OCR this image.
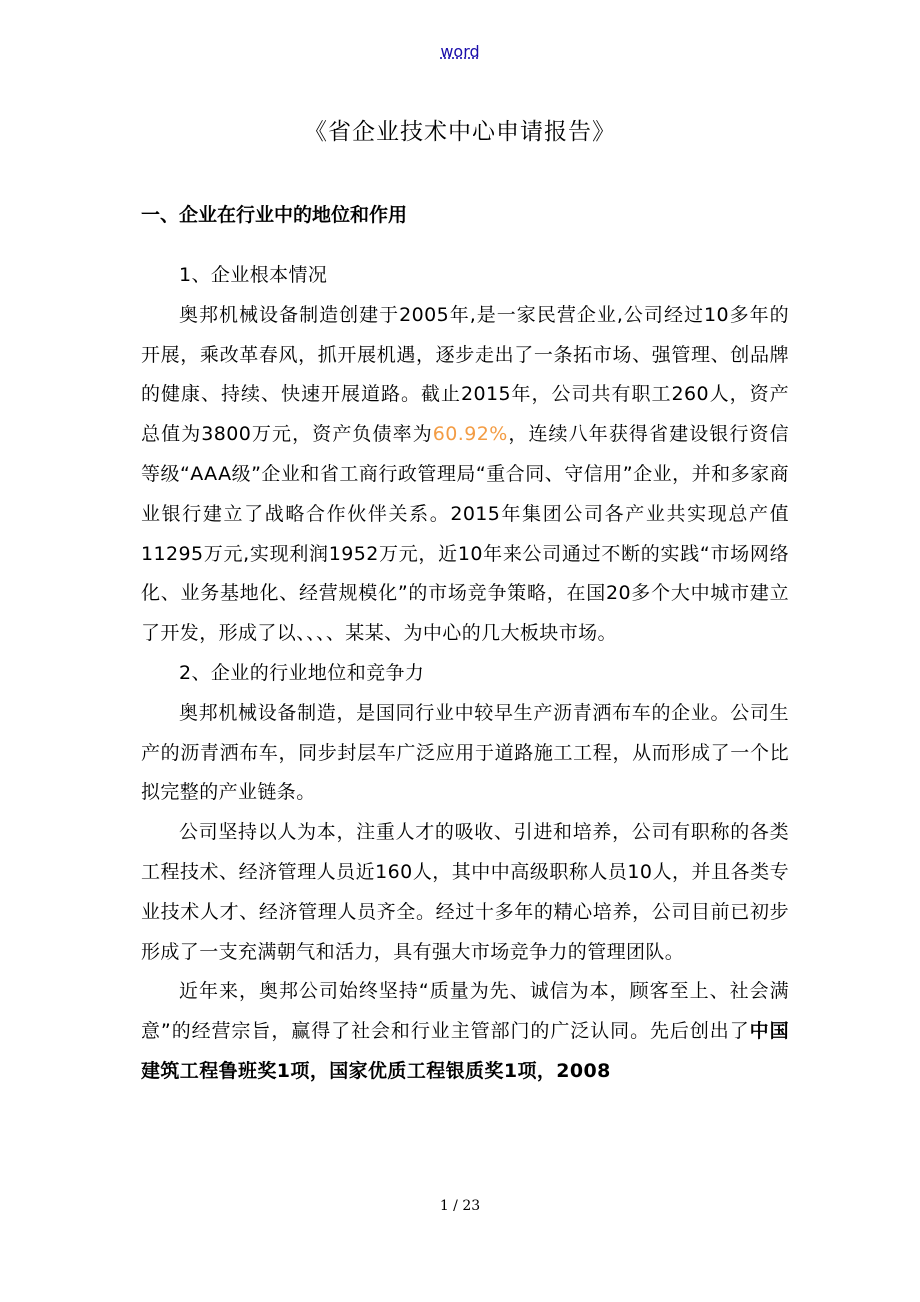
word
《省企业技术中心申请报告》
一、企业在行业中的地位和作用

1、企业根本情况

奥邦机械设备制造创建于2005年,是一家民营企业,公司经过10多年的开展，乘改革春风，抓开展机遇，逐步走出了一条拓市场、强管理、创品牌的健康、持续、快速开展道路。截止2015年，公司共有职工260人，资产总值为3800万元，资产负债率为60.92%，连续八年获得省建设银行资信等级“AAA级”企业和省工商行政管理局“重合同、守信用”企业，并和多家商业银行建立了战略合作伙伴关系。2015年集团公司各产业共实现总产值11295万元,实现利润1952万元，近10年来公司通过不断的实践“市场网络化、业务基地化、经营规模化”的市场竞争策略，在国20多个大中城市建立了开发，形成了以、、、、某某、为中心的几大板块市场。

2、企业的行业地位和竞争力

奥邦机械设备制造，是国同行业中较早生产沥青洒布车的企业。公司生产的沥青洒布车，同步封层车广泛应用于道路施工工程，从而形成了一个比拟完整的产业链条。

公司坚持以人为本，注重人才的吸收、引进和培养，公司有职称的各类工程技术、经济管理人员近160人，其中中高级职称人员10人，并且各类专业技术人才、经济管理人员齐全。经过十多年的精心培养，公司目前已初步形成了一支充满朝气和活力，具有强大市场竞争力的管理团队。

近年来，奥邦公司始终坚持“质量为先、诚信为本，顾客至上、社会满意”的经营宗旨，赢得了社会和行业主管部门的广泛认同。先后创出了中国建筑工程鲁班奖1项，国家优质工程银质奖1项，2008

1 / 23
